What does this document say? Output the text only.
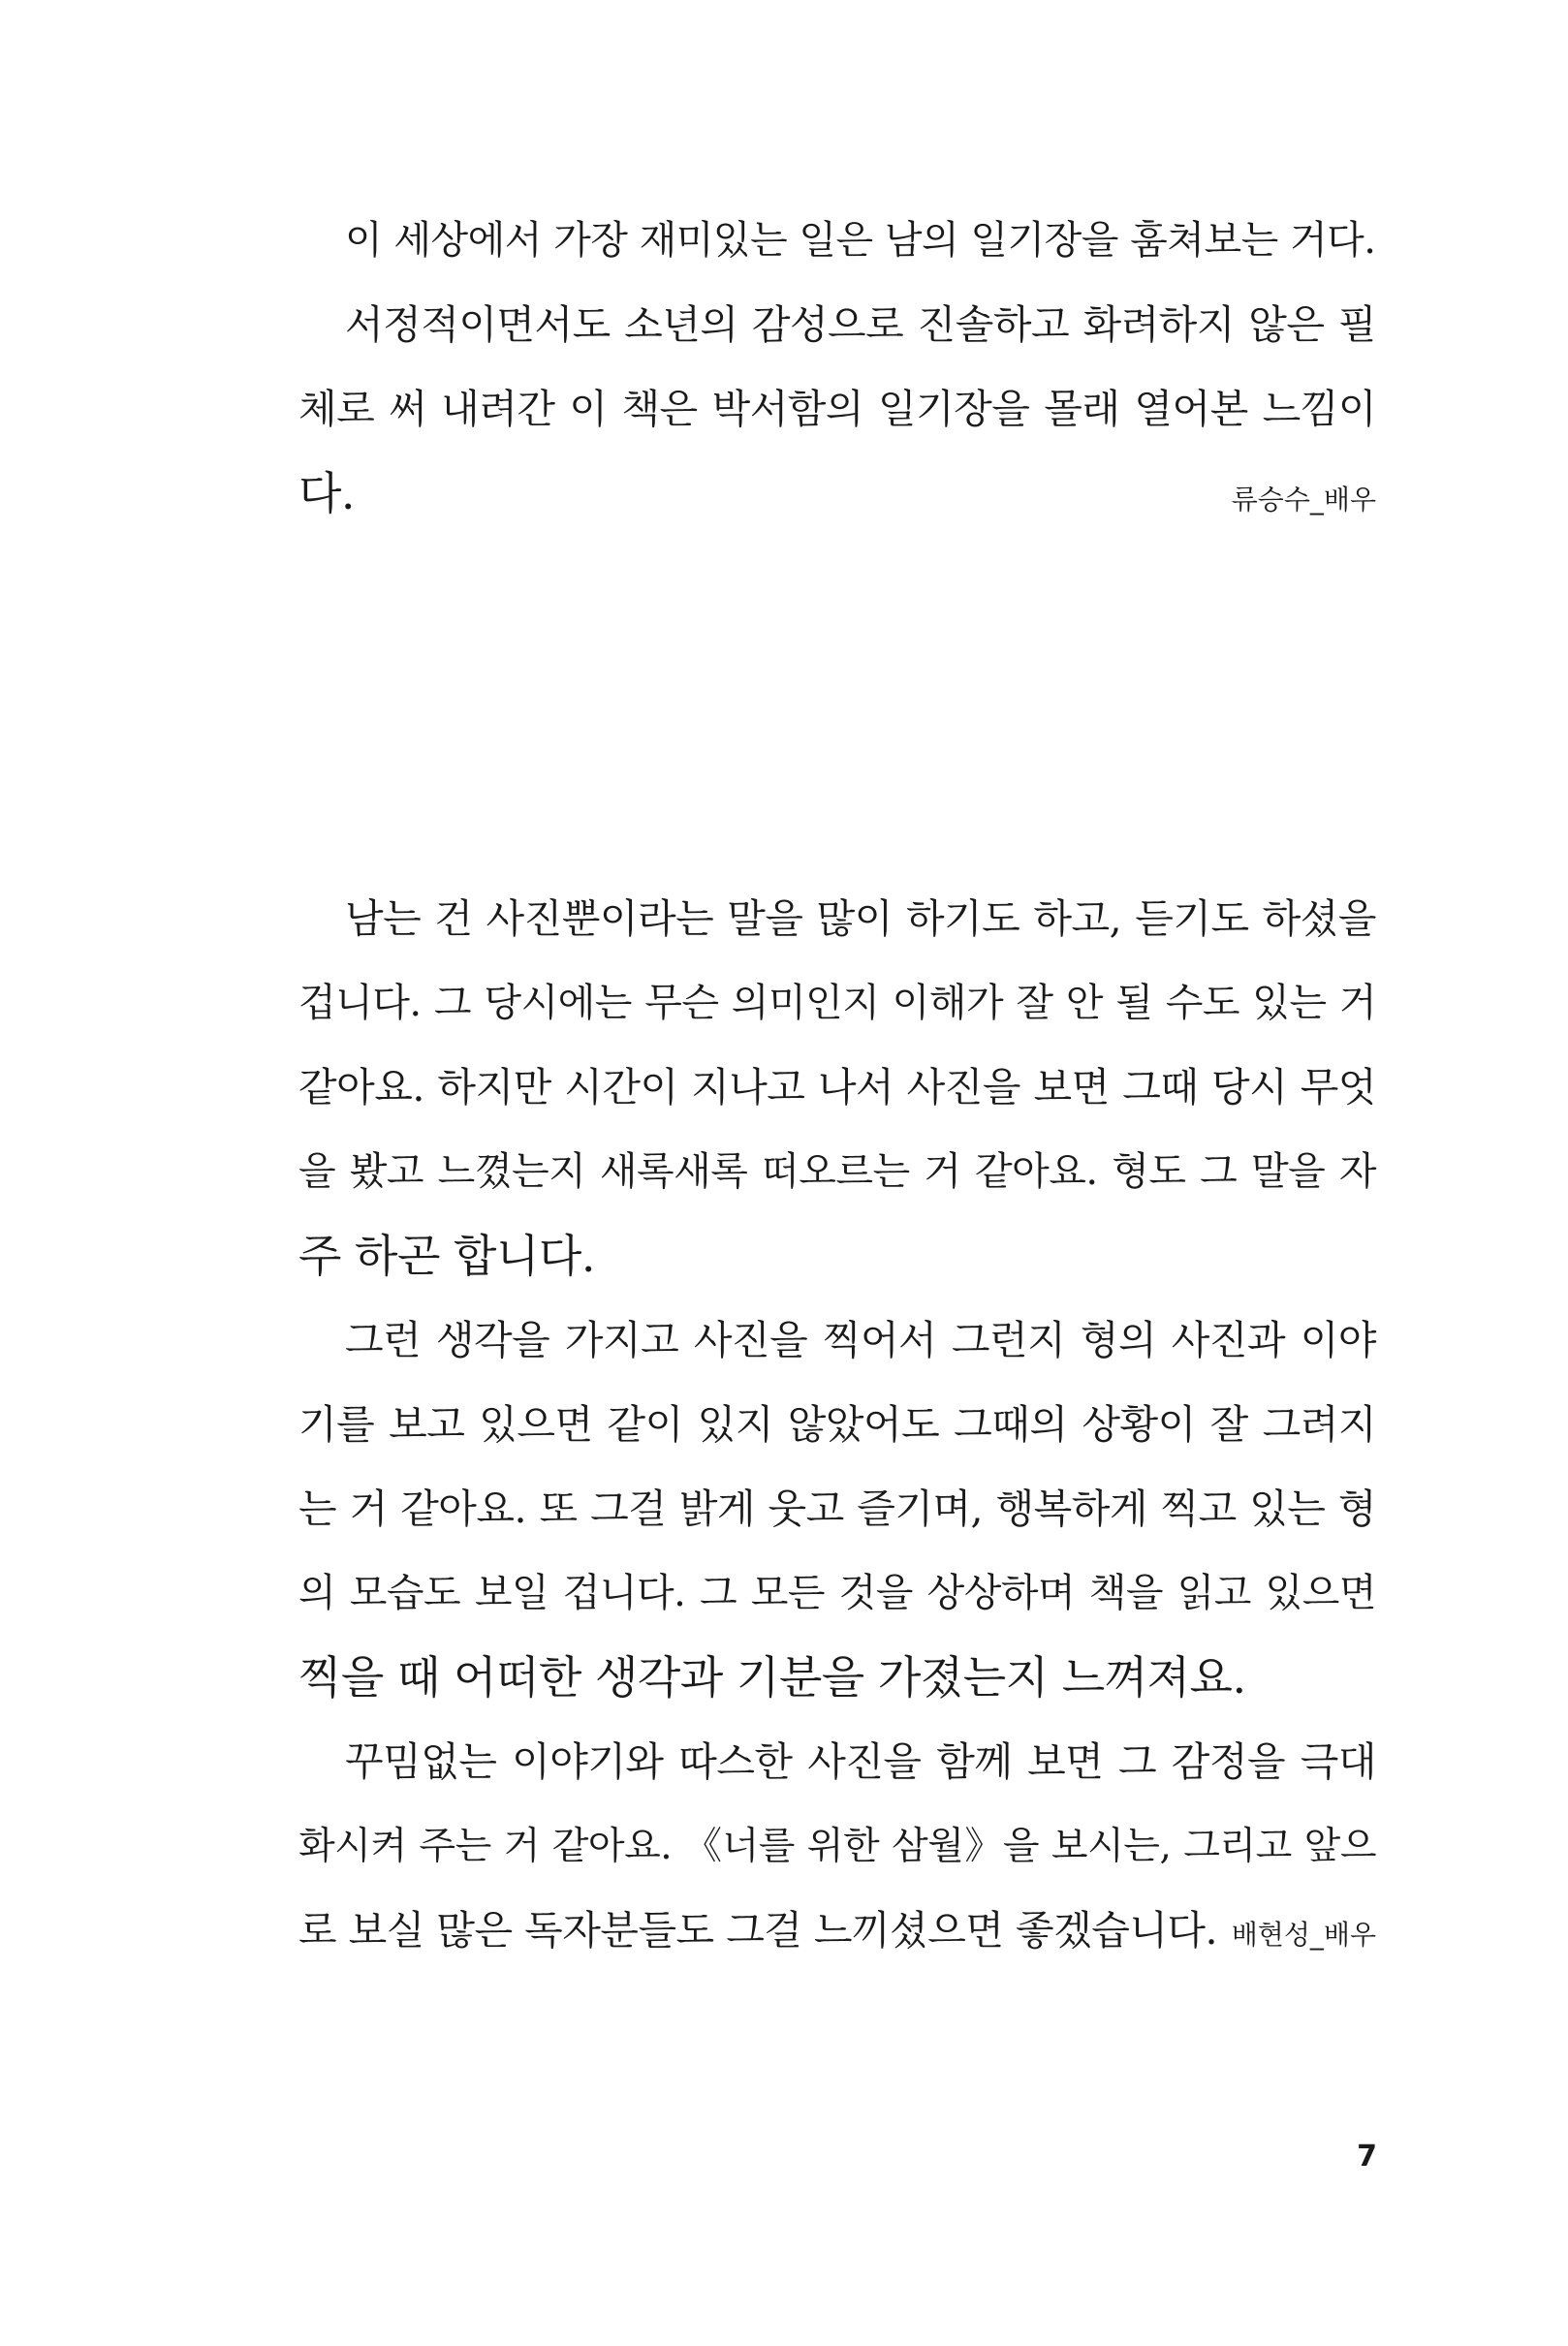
이 세상에서 가장 재미있는 일은 남의 일기장을 훔쳐보는 거다.
서정적이면서도 소년의 감성으로 진솔하고 화려하지 않은 필
체로 써 내려간 이 책은 박서함의 일기장을 몰래 열어본 느낌이
다.	류승수_배우
남는 건 사진뿐이라는 말을 많이 하기도 하고, 듣기도 하셨을
겁니다. 그 당시에는 무슨 의미인지 이해가 잘 안 될 수도 있는 거
같아요. 하지만 시간이 지나고 나서 사진을 보면 그때 당시 무엇
을 봤고 느꼈는지 새록새록 떠오르는 거 같아요. 형도 그 말을 자
주 하곤 합니다.
그런 생각을 가지고 사진을 찍어서 그런지 형의 사진과 이야
기를 보고 있으면 같이 있지 않았어도 그때의 상황이 잘 그려지
는 거 같아요. 또 그걸 밝게 웃고 즐기며, 행복하게 찍고 있는 형
의 모습도 보일 겁니다. 그 모든 것을 상상하며 책을 읽고 있으면
찍을 때 어떠한 생각과 기분을 가졌는지 느껴져요.
꾸밈없는 이야기와 따스한 사진을 함께 보면 그 감정을 극대
화시켜 주는 거 같아요. 《너를 위한 삼월》을 보시는, 그리고 앞으
로 보실 많은 독자분들도 그걸 느끼셨으면 좋겠습니다. 배현성_배우
7
